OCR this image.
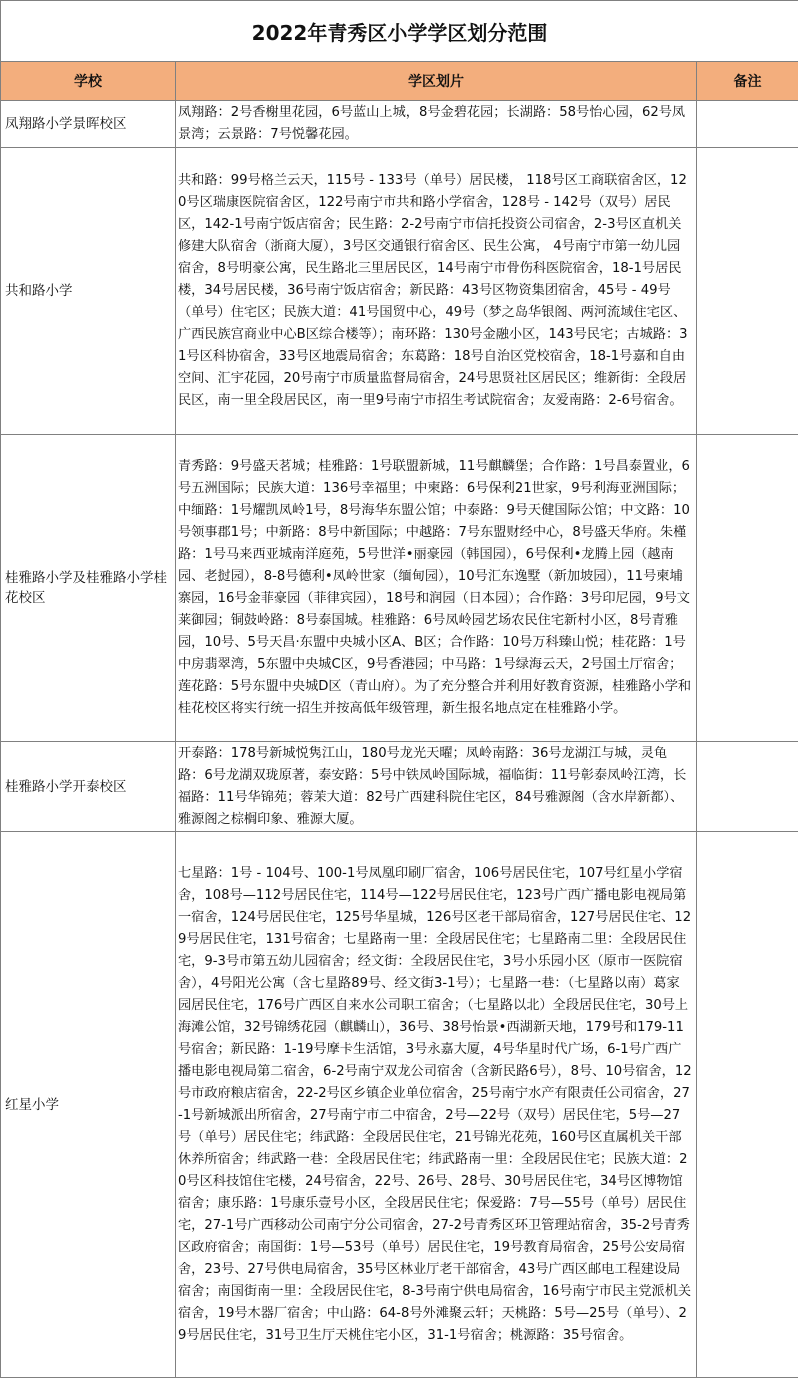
2022年青秀区小学学区划分范围		
学校	学区划片	备注
凤翔路小学景晖校区	凤翔路：2号香榭里花园，6号蓝山上城，8号金碧花园；长湖路：58号怡心园，62号凤景湾；云景路：7号悦馨花园。	
共和路小学	共和路：99号格兰云天，115号 - 133号（单号）居民楼， 118号区工商联宿舍区，120号区瑞康医院宿舍区，122号南宁市共和路小学宿舍，128号 - 142号（双号）居民区，142-1号南宁饭店宿舍；民生路：2-2号南宁市信托投资公司宿舍，2-3号区直机关修建大队宿舍（浙商大厦），3号区交通银行宿舍区、民生公寓， 4号南宁市第一幼儿园宿舍，8号明豪公寓，民生路北三里居民区，14号南宁市骨伤科医院宿舍，18-1号居民楼，34号居民楼，36号南宁饭店宿舍；新民路：43号区物资集团宿舍，45号 - 49号（单号）住宅区；民族大道：41号国贸中心，49号（梦之岛华银阁、两河流域住宅区、广西民族宫商业中心B区综合楼等）；南环路：130号金融小区，143号民宅；古城路：31号区科协宿舍，33号区地震局宿舍；东葛路：18号自治区党校宿舍，18-1号嘉和自由空间、汇宇花园，20号南宁市质量监督局宿舍，24号思贤社区居民区；维新街：全段居民区，南一里全段居民区，南一里9号南宁市招生考试院宿舍；友爱南路：2-6号宿舍。	
桂雅路小学及桂雅路小学桂花校区	青秀路：9号盛天茗城；桂雅路：1号联盟新城，11号麒麟堡；合作路：1号昌泰置业，6号五洲国际；民族大道：136号幸福里；中柬路：6号保利21世家，9号利海亚洲国际；中缅路：1号耀凯凤岭1号，8号海华东盟公馆；中泰路：9号天健国际公馆；中文路：10号领事郡1号；中新路：8号中新国际；中越路：7号东盟财经中心，8号盛天华府。朱槿路：1号马来西亚城南洋庭苑，5号世洋•丽豪园（韩国园），6号保利•龙腾上园（越南园、老挝园），8-8号德利•凤岭世家（缅甸园），10号汇东逸墅（新加坡园），11号柬埔寨园，16号金菲豪园（菲律宾园），18号和润园（日本园）；合作路：3号印尼园，9号文莱御园；铜鼓岭路：8号泰国城。桂雅路：6号凤岭园艺场农民住宅新村小区，8号青雅园，10号、5号天昌·东盟中央城小区A、B区；合作路：10号万科臻山悦；桂花路：1号中房翡翠湾，5东盟中央城C区，9号香港园；中马路：1号绿海云天，2号国土厅宿舍；莲花路：5号东盟中央城D区（青山府）。为了充分整合并利用好教育资源，桂雅路小学和桂花校区将实行统一招生并按高低年级管理，新生报名地点定在桂雅路小学。	
桂雅路小学开泰校区	开泰路：178号新城悦隽江山，180号龙光天曜；凤岭南路：36号龙湖江与城，灵龟路：6号龙湖双珑原著，泰安路：5号中铁凤岭国际城，福临街：11号彰泰凤岭江湾，长福路：11号华锦苑；蓉茉大道：82号广西建科院住宅区，84号雅源阁（含水岸新都）、雅源阁之棕榈印象、雅源大厦。	
红星小学	七星路：1号 - 104号、100-1号凤凰印刷厂宿舍，106号居民住宅，107号红星小学宿舍，108号—112号居民住宅，114号—122号居民住宅，123号广西广播电影电视局第一宿舍，124号居民住宅，125号华星城，126号区老干部局宿舍，127号居民住宅、129号居民住宅，131号宿舍；七星路南一里：全段居民住宅；七星路南二里：全段居民住宅，9-3号市第五幼儿园宿舍；经文街：全段居民住宅，3号小乐园小区（原市一医院宿舍），4号阳光公寓（含七星路89号、经文街3-1号）；七星路一巷：（七星路以南）葛家园居民住宅，176号广西区自来水公司职工宿舍；（七星路以北）全段居民住宅，30号上海滩公馆，32号锦绣花园（麒麟山），36号、38号怡景•西湖新天地，179号和179-11号宿舍；新民路：1-19号摩卡生活馆，3号永嘉大厦，4号华星时代广场，6-1号广西广播电影电视局第二宿舍，6-2号南宁双龙公司宿舍（含新民路6号），8号、10号宿舍，12号市政府粮店宿舍，22-2号区乡镇企业单位宿舍，25号南宁水产有限责任公司宿舍，27-1号新城派出所宿舍，27号南宁市二中宿舍，2号—22号（双号）居民住宅，5号—27号（单号）居民住宅；纬武路：全段居民住宅，21号锦光花苑，160号区直属机关干部休养所宿舍；纬武路一巷：全段居民住宅；纬武路南一里：全段居民住宅；民族大道：20号区科技馆住宅楼，24号宿舍，22号、26号、28号、30号居民住宅，34号区博物馆宿舍；康乐路：1号康乐壹号小区，全段居民住宅；保爱路：7号—55号（单号）居民住宅，27-1号广西移动公司南宁分公司宿舍，27-2号青秀区环卫管理站宿舍，35-2号青秀区政府宿舍；南国街：1号—53号（单号）居民住宅，19号教育局宿舍，25号公安局宿舍，23号、27号供电局宿舍，35号区林业厅老干部宿舍，43号广西区邮电工程建设局宿舍；南国街南一里：全段居民住宅，8-3号南宁供电局宿舍，16号南宁市民主党派机关宿舍，19号木器厂宿舍；中山路：64-8号外滩聚云轩；天桃路：5号—25号（单号）、29号居民住宅，31号卫生厅天桃住宅小区，31-1号宿舍；桃源路：35号宿舍。	
